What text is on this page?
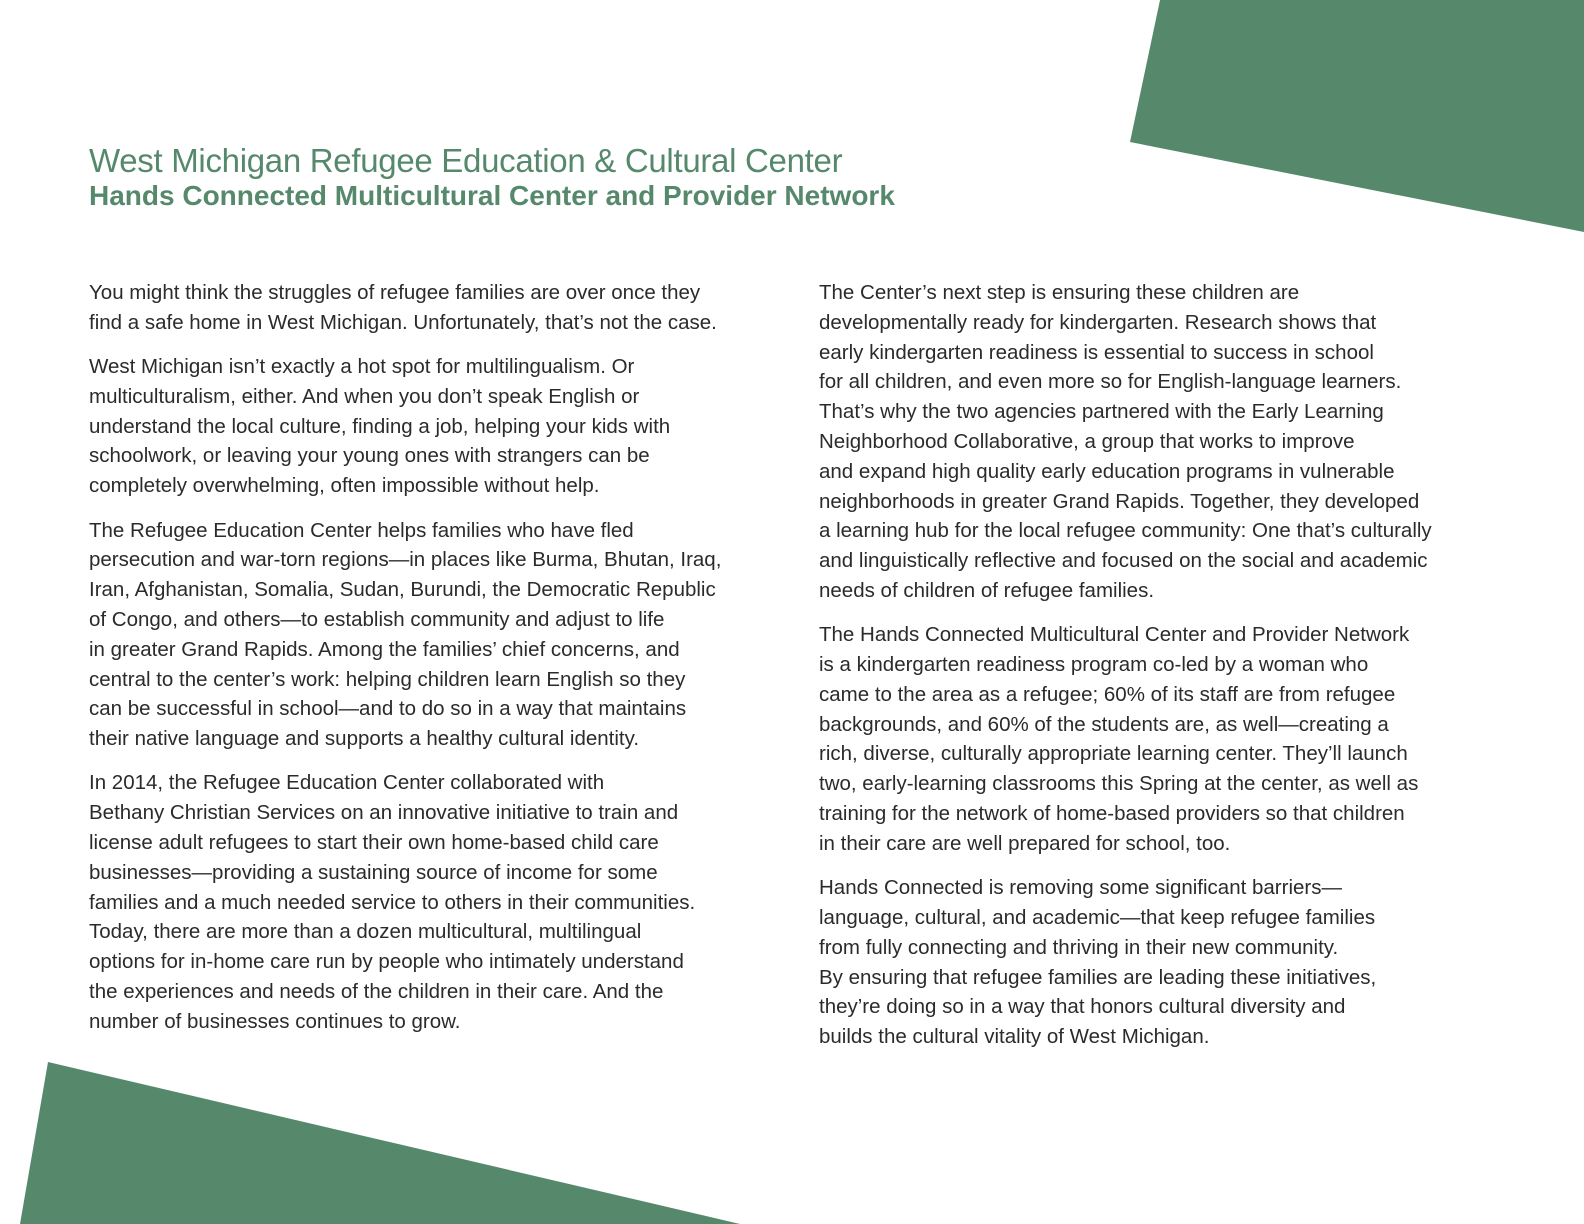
West Michigan Refugee Education & Cultural Center
Hands Connected Multicultural Center and Provider Network

You might think the struggles of refugee families are over once they
find a safe home in West Michigan. Unfortunately, that’s not the case.

West Michigan isn’t exactly a hot spot for multilingualism. Or
multiculturalism, either. And when you don’t speak English or
understand the local culture, finding a job, helping your kids with
schoolwork, or leaving your young ones with strangers can be
completely overwhelming, often impossible without help.

The Refugee Education Center helps families who have fled
persecution and war-torn regions—in places like Burma, Bhutan, Iraq,
Iran, Afghanistan, Somalia, Sudan, Burundi, the Democratic Republic
of Congo, and others—to establish community and adjust to life
in greater Grand Rapids. Among the families’ chief concerns, and
central to the center’s work: helping children learn English so they
can be successful in school—and to do so in a way that maintains
their native language and supports a healthy cultural identity.

In 2014, the Refugee Education Center collaborated with
Bethany Christian Services on an innovative initiative to train and
license adult refugees to start their own home-based child care
businesses—providing a sustaining source of income for some
families and a much needed service to others in their communities.
Today, there are more than a dozen multicultural, multilingual
options for in-home care run by people who intimately understand
the experiences and needs of the children in their care. And the
number of businesses continues to grow.

The Center’s next step is ensuring these children are
developmentally ready for kindergarten. Research shows that
early kindergarten readiness is essential to success in school
for all children, and even more so for English-language learners.
That’s why the two agencies partnered with the Early Learning
Neighborhood Collaborative, a group that works to improve
and expand high quality early education programs in vulnerable
neighborhoods in greater Grand Rapids. Together, they developed
a learning hub for the local refugee community: One that’s culturally
and linguistically reflective and focused on the social and academic
needs of children of refugee families.

The Hands Connected Multicultural Center and Provider Network
is a kindergarten readiness program co-led by a woman who
came to the area as a refugee; 60% of its staff are from refugee
backgrounds, and 60% of the students are, as well—creating a
rich, diverse, culturally appropriate learning center. They’ll launch
two, early-learning classrooms this Spring at the center, as well as
training for the network of home-based providers so that children
in their care are well prepared for school, too.

Hands Connected is removing some significant barriers—
language, cultural, and academic—that keep refugee families
from fully connecting and thriving in their new community.
By ensuring that refugee families are leading these initiatives,
they’re doing so in a way that honors cultural diversity and
builds the cultural vitality of West Michigan.
